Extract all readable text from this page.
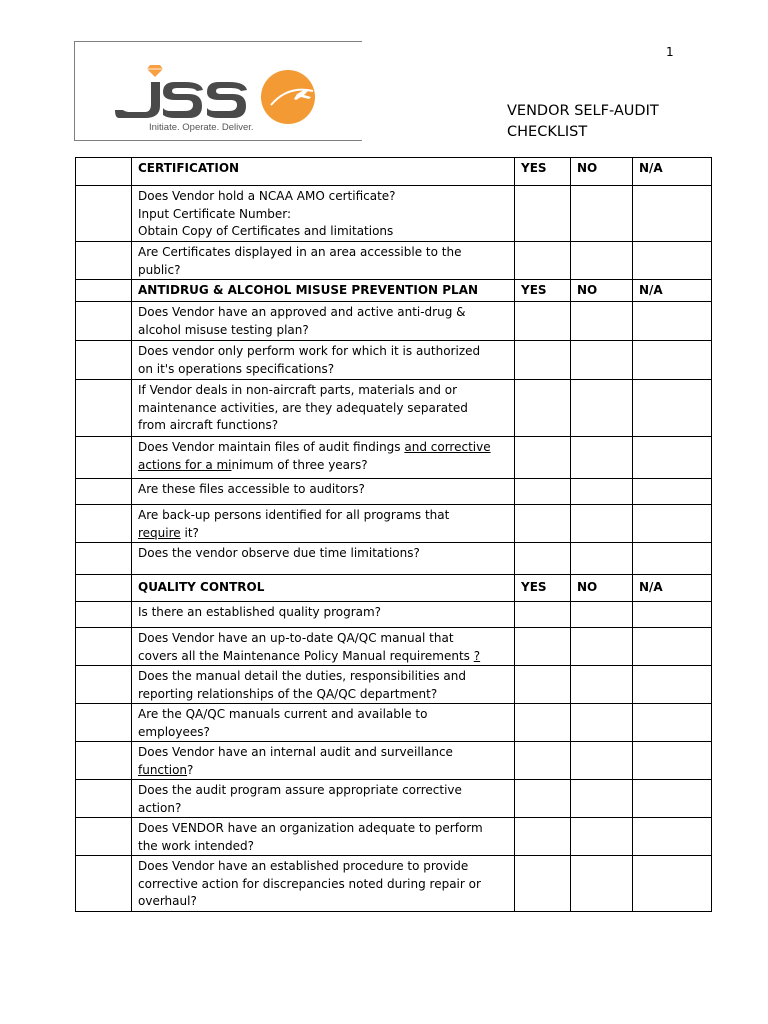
1
Initiate. Operate. Deliver.
VENDOR SELF-AUDIT
CHECKLIST
	CERTIFICATION	YES	NO	N/A

	Does Vendor hold a NCAA AMO certificate?
Input Certificate Number:
Obtain Copy of Certificates and limitations			

	Are Certificates displayed in an area accessible to the
public?			

	ANTIDRUG & ALCOHOL MISUSE PREVENTION PLAN	YES	NO	N/A

	Does Vendor have an approved and active anti-drug &
alcohol misuse testing plan?			

	Does vendor only perform work for which it is authorized
on it's operations specifications?			

	If Vendor deals in non-aircraft parts, materials and or
maintenance activities, are they adequately separated
from aircraft functions?			

	Does Vendor maintain files of audit findings and corrective
actions for a minimum of three years?			

	Are these files accessible to auditors?			

	Are back-up persons identified for all programs that
require it?			

	Does the vendor observe due time limitations?			

	QUALITY CONTROL	YES	NO	N/A

	Is there an established quality program?			

	Does Vendor have an up-to-date QA/QC manual that
covers all the Maintenance Policy Manual requirements ?			

	Does the manual detail the duties, responsibilities and
reporting relationships of the QA/QC department?			

	Are the QA/QC manuals current and available to
employees?			

	Does Vendor have an internal audit and surveillance
function?			

	Does the audit program assure appropriate corrective
action?			

	Does VENDOR have an organization adequate to perform
the work intended?			

	Does Vendor have an established procedure to provide
corrective action for discrepancies noted during repair or
overhaul?			
